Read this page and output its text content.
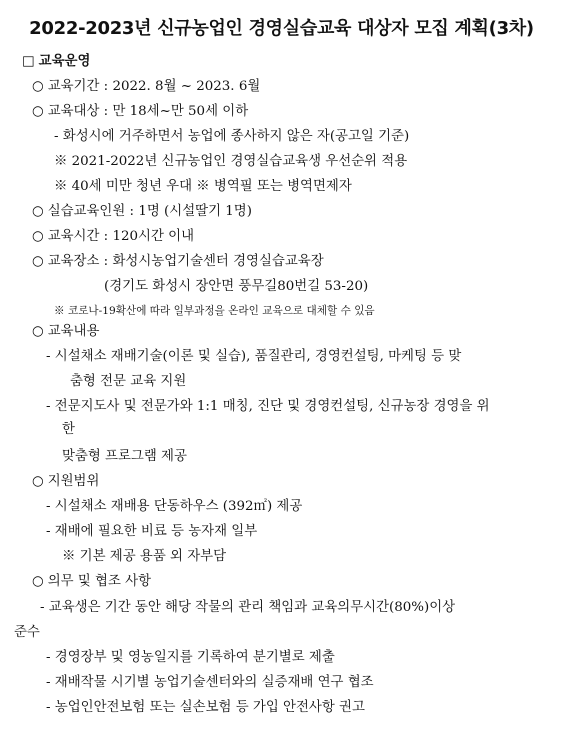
2022-2023년 신규농업인 경영실습교육 대상자 모집 계획(3차)
□ 교육운영
○ 교육기간 : 2022. 8월 ~ 2023. 6월
○ 교육대상 : 만 18세~만 50세 이하
- 화성시에 거주하면서 농업에 종사하지 않은 자(공고일 기준)
※ 2021-2022년 신규농업인 경영실습교육생 우선순위 적용
※ 40세 미만 청년 우대 ※ 병역필 또는 병역면제자
○ 실습교육인원 : 1명 (시설딸기 1명)
○ 교육시간 : 120시간 이내
○ 교육장소 : 화성시농업기술센터 경영실습교육장
(경기도 화성시 장안면 풍무길80번길 53-20)
※ 코로나-19확산에 따라 일부과정을 온라인 교육으로 대체할 수 있음
○ 교육내용
- 시설채소 재배기술(이론 및 실습), 품질관리, 경영컨설팅, 마케팅 등 맞
춤형 전문 교육 지원
- 전문지도사 및 전문가와 1:1 매칭, 진단 및 경영컨설팅, 신규농장 경영을 위
한
맞춤형 프로그램 제공
○ 지원범위
- 시설채소 재배용 단동하우스 (392㎡) 제공
- 재배에 필요한 비료 등 농자재 일부
※ 기본 제공 용품 외 자부담
○ 의무 및 협조 사항
- 교육생은 기간 동안 해당 작물의 관리 책임과 교육의무시간(80%)이상
준수
- 경영장부 및 영농일지를 기록하여 분기별로 제출
- 재배작물 시기별 농업기술센터와의 실증재배 연구 협조
- 농업인안전보험 또는 실손보험 등 가입 안전사항 권고
